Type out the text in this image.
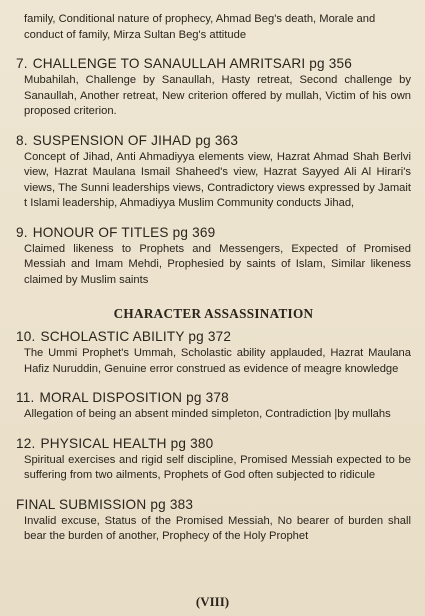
family, Conditional nature of prophecy, Ahmad Beg's death, Morale and conduct of family, Mirza Sultan Beg's attitude

7. CHALLENGE TO SANAULLAH AMRITSARI pg 356

Mubahilah, Challenge by Sanaullah, Hasty retreat, Second challenge by Sanaullah, Another retreat, New criterion offered by mullah, Victim of his own proposed criterion.

8. SUSPENSION OF JIHAD pg 363

Concept of Jihad, Anti Ahmadiyya elements view, Hazrat Ahmad Shah Berlvi view, Hazrat Maulana Ismail Shaheed's view, Hazrat Sayyed Ali Al Hirari's views, The Sunni leaderships views, Contradictory views expressed by Jamait t Islami leadership, Ahmadiyya Muslim Community conducts Jihad,

9. HONOUR OF TITLES pg 369

Claimed likeness to Prophets and Messengers, Expected of Promised Messiah and Imam Mehdi, Prophesied by saints of Islam, Similar likeness claimed by Muslim saints

CHARACTER ASSASSINATION

10. SCHOLASTIC ABILITY pg 372

The Ummi Prophet's Ummah, Scholastic ability applauded, Hazrat Maulana Hafiz Nuruddin, Genuine error construed as evidence of meagre knowledge

11. MORAL DISPOSITION pg 378

Allegation of being an absent minded simpleton, Contradiction |by mullahs

12. PHYSICAL HEALTH pg 380

Spiritual exercises and rigid self discipline, Promised Messiah expected to be suffering from two ailments, Prophets of God often subjected to ridicule

FINAL SUBMISSION pg 383

Invalid excuse, Status of the Promised Messiah, No bearer of burden shall bear the burden of another, Prophecy of the Holy Prophet

(VIII)
